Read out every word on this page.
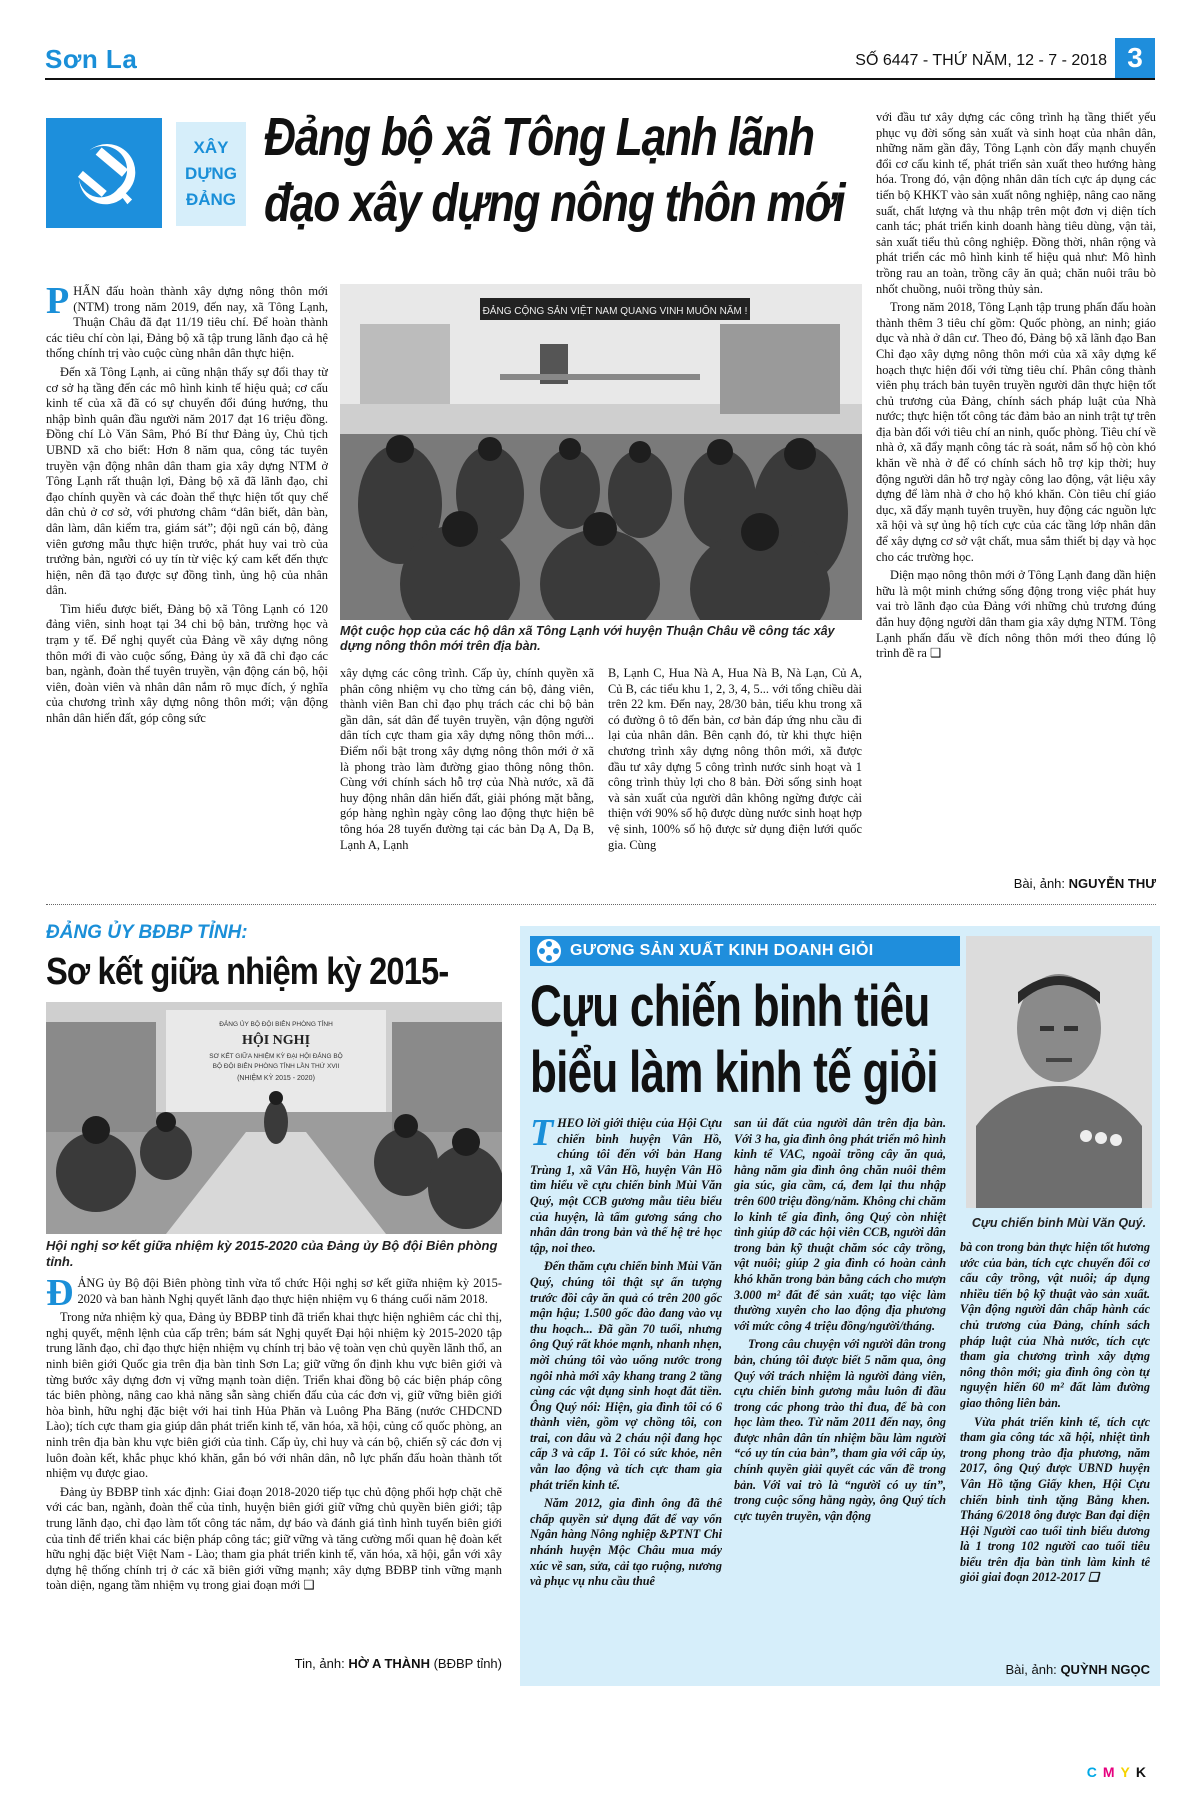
Sơn La	SỐ 6447 - THỨ NĂM, 12 - 7 - 2018 3
XÂY
DỰNG
ĐẢNG
Đảng bộ xã Tông Lạnh lãnh đạo xây dựng nông thôn mới

PHẤN đấu hoàn thành xây dựng nông thôn mới (NTM) trong năm 2019, đến nay, xã Tông Lạnh, Thuận Châu đã đạt 11/19 tiêu chí. Để hoàn thành các tiêu chí còn lại, Đảng bộ xã tập trung lãnh đạo cả hệ thống chính trị vào cuộc cùng nhân dân thực hiện.

Đến xã Tông Lạnh, ai cũng nhận thấy sự đổi thay từ cơ sở hạ tầng đến các mô hình kinh tế hiệu quả; cơ cấu kinh tế của xã đã có sự chuyển đổi đúng hướng, thu nhập bình quân đầu người năm 2017 đạt 16 triệu đồng. Đồng chí Lò Văn Sâm, Phó Bí thư Đảng ủy, Chủ tịch UBND xã cho biết: Hơn 8 năm qua, công tác tuyên truyền vận động nhân dân tham gia xây dựng NTM ở Tông Lạnh rất thuận lợi, Đảng bộ xã đã lãnh đạo, chỉ đạo chính quyền và các đoàn thể thực hiện tốt quy chế dân chủ ở cơ sở, với phương châm “dân biết, dân bàn, dân làm, dân kiểm tra, giám sát”; đội ngũ cán bộ, đảng viên gương mẫu thực hiện trước, phát huy vai trò của trưởng bản, người có uy tín từ việc ký cam kết đến thực hiện, nên đã tạo được sự đồng tình, ủng hộ của nhân dân.

Tìm hiểu được biết, Đảng bộ xã Tông Lạnh có 120 đảng viên, sinh hoạt tại 34 chi bộ bản, trường học và trạm y tế. Để nghị quyết của Đảng về xây dựng nông thôn mới đi vào cuộc sống, Đảng ủy xã đã chỉ đạo các ban, ngành, đoàn thể tuyên truyền, vận động cán bộ, hội viên, đoàn viên và nhân dân nắm rõ mục đích, ý nghĩa của chương trình xây dựng nông thôn mới; vận động nhân dân hiến đất, góp công sức

ĐẢNG CỘNG SẢN VIỆT NAM QUANG VINH MUÔN NĂM !
Một cuộc họp của các hộ dân xã Tông Lạnh với huyện Thuận Châu về công tác xây dựng nông thôn mới trên địa bàn.

xây dựng các công trình. Cấp ủy, chính quyền xã phân công nhiệm vụ cho từng cán bộ, đảng viên, thành viên Ban chỉ đạo phụ trách các chi bộ bản gần dân, sát dân để tuyên truyền, vận động người dân tích cực tham gia xây dựng nông thôn mới... Điểm nổi bật trong xây dựng nông thôn mới ở xã là phong trào làm đường giao thông nông thôn. Cùng với chính sách hỗ trợ của Nhà nước, xã đã huy động nhân dân hiến đất, giải phóng mặt bằng, góp hàng nghìn ngày công lao động thực hiện bê tông hóa 28 tuyến đường tại các bản Dạ A, Dạ B, Lạnh A, Lạnh

B, Lạnh C, Hua Nà A, Hua Nà B, Nà Lạn, Củ A, Củ B, các tiểu khu 1, 2, 3, 4, 5... với tổng chiều dài trên 22 km. Đến nay, 28/30 bản, tiểu khu trong xã có đường ô tô đến bản, cơ bản đáp ứng nhu cầu đi lại của nhân dân. Bên cạnh đó, từ khi thực hiện chương trình xây dựng nông thôn mới, xã được đầu tư xây dựng 5 công trình nước sinh hoạt và 1 công trình thủy lợi cho 8 bản. Đời sống sinh hoạt và sản xuất của người dân không ngừng được cải thiện với 90% số hộ được dùng nước sinh hoạt hợp vệ sinh, 100% số hộ được sử dụng điện lưới quốc gia. Cùng

với đầu tư xây dựng các công trình hạ tầng thiết yếu phục vụ đời sống sản xuất và sinh hoạt của nhân dân, những năm gần đây, Tông Lạnh còn đẩy mạnh chuyển đổi cơ cấu kinh tế, phát triển sản xuất theo hướng hàng hóa. Trong đó, vận động nhân dân tích cực áp dụng các tiến bộ KHKT vào sản xuất nông nghiệp, nâng cao năng suất, chất lượng và thu nhập trên một đơn vị diện tích canh tác; phát triển kinh doanh hàng tiêu dùng, vận tải, sản xuất tiểu thủ công nghiệp. Đồng thời, nhân rộng và phát triển các mô hình kinh tế hiệu quả như: Mô hình trồng rau an toàn, trồng cây ăn quả; chăn nuôi trâu bò nhốt chuồng, nuôi trồng thủy sản.

Trong năm 2018, Tông Lạnh tập trung phấn đấu hoàn thành thêm 3 tiêu chí gồm: Quốc phòng, an ninh; giáo dục và nhà ở dân cư. Theo đó, Đảng bộ xã lãnh đạo Ban Chỉ đạo xây dựng nông thôn mới của xã xây dựng kế hoạch thực hiện đối với từng tiêu chí. Phân công thành viên phụ trách bản tuyên truyền người dân thực hiện tốt chủ trương của Đảng, chính sách pháp luật của Nhà nước; thực hiện tốt công tác đảm bảo an ninh trật tự trên địa bàn đối với tiêu chí an ninh, quốc phòng. Tiêu chí về nhà ở, xã đẩy mạnh công tác rà soát, nắm số hộ còn khó khăn về nhà ở để có chính sách hỗ trợ kịp thời; huy động người dân hỗ trợ ngày công lao động, vật liệu xây dựng để làm nhà ở cho hộ khó khăn. Còn tiêu chí giáo dục, xã đẩy mạnh tuyên truyền, huy động các nguồn lực xã hội và sự ủng hộ tích cực của các tầng lớp nhân dân để xây dựng cơ sở vật chất, mua sắm thiết bị dạy và học cho các trường học.

Diện mạo nông thôn mới ở Tông Lạnh đang dần hiện hữu là một minh chứng sống động trong việc phát huy vai trò lãnh đạo của Đảng với những chủ trương đúng đắn huy động người dân tham gia xây dựng NTM. Tông Lạnh phấn đấu về đích nông thôn mới theo đúng lộ trình đề ra ❑

Bài, ảnh: NGUYỄN THƯ
ĐẢNG ỦY BĐBP TỈNH:
Sơ kết giữa nhiệm kỳ 2015-
ĐẢNG ỦY BỘ ĐỘI BIÊN PHÒNG TỈNH
HỘI NGHỊ
SƠ KẾT GIỮA NHIỆM KỲ ĐẠI HỘI ĐẢNG BỘ
BỘ ĐỘI BIÊN PHÒNG TỈNH LẦN THỨ XVII
(NHIỆM KỲ 2015 - 2020)
Hội nghị sơ kết giữa nhiệm kỳ 2015-2020 của Đảng ủy Bộ đội Biên phòng tỉnh.

ĐẢNG ủy Bộ đội Biên phòng tỉnh vừa tổ chức Hội nghị sơ kết giữa nhiệm kỳ 2015-2020 và ban hành Nghị quyết lãnh đạo thực hiện nhiệm vụ 6 tháng cuối năm 2018.

Trong nửa nhiệm kỳ qua, Đảng ủy BĐBP tỉnh đã triển khai thực hiện nghiêm các chỉ thị, nghị quyết, mệnh lệnh của cấp trên; bám sát Nghị quyết Đại hội nhiệm kỳ 2015-2020 tập trung lãnh đạo, chỉ đạo thực hiện nhiệm vụ chính trị bảo vệ toàn vẹn chủ quyền lãnh thổ, an ninh biên giới Quốc gia trên địa bàn tỉnh Sơn La; giữ vững ổn định khu vực biên giới và từng bước xây dựng đơn vị vững mạnh toàn diện. Triển khai đồng bộ các biện pháp công tác biên phòng, nâng cao khả năng sẵn sàng chiến đấu của các đơn vị, giữ vững biên giới hòa bình, hữu nghị đặc biệt với hai tỉnh Hủa Phăn và Luông Pha Băng (nước CHDCND Lào); tích cực tham gia giúp dân phát triển kinh tế, văn hóa, xã hội, củng cố quốc phòng, an ninh trên địa bàn khu vực biên giới của tỉnh. Cấp ủy, chỉ huy và cán bộ, chiến sỹ các đơn vị luôn đoàn kết, khắc phục khó khăn, gắn bó với nhân dân, nỗ lực phấn đấu hoàn thành tốt nhiệm vụ được giao.

Đảng ủy BĐBP tỉnh xác định: Giai đoạn 2018-2020 tiếp tục chủ động phối hợp chặt chẽ với các ban, ngành, đoàn thể của tỉnh, huyện biên giới giữ vững chủ quyền biên giới; tập trung lãnh đạo, chỉ đạo làm tốt công tác nắm, dự báo và đánh giá tình hình tuyến biên giới của tỉnh để triển khai các biện pháp công tác; giữ vững và tăng cường mối quan hệ đoàn kết hữu nghị đặc biệt Việt Nam - Lào; tham gia phát triển kinh tế, văn hóa, xã hội, gắn với xây dựng hệ thống chính trị ở các xã biên giới vững mạnh; xây dựng BĐBP tỉnh vững mạnh toàn diện, ngang tầm nhiệm vụ trong giai đoạn mới ❑

Tin, ảnh: HỜ A THÀNH (BĐBP tỉnh)
GƯƠNG SẢN XUẤT KINH DOANH GIỎI
Cựu chiến binh tiêu biểu làm kinh tế giỏi
Cựu chiến binh Mùi Văn Quý.

THEO lời giới thiệu của Hội Cựu chiến binh huyện Vân Hồ, chúng tôi đến với bản Hang Trùng 1, xã Vân Hồ, huyện Vân Hồ tìm hiểu về cựu chiến binh Mùi Văn Quý, một CCB gương mẫu tiêu biểu của huyện, là tấm gương sáng cho nhân dân trong bản và thế hệ trẻ học tập, noi theo.

Đến thăm cựu chiến binh Mùi Văn Quý, chúng tôi thật sự ấn tượng trước đồi cây ăn quả có trên 200 gốc mận hậu; 1.500 gốc đào đang vào vụ thu hoạch... Đã gần 70 tuổi, nhưng ông Quý rất khỏe mạnh, nhanh nhẹn, mời chúng tôi vào uống nước trong ngôi nhà mới xây khang trang 2 tầng cùng các vật dụng sinh hoạt đắt tiền. Ông Quý nói: Hiện, gia đình tôi có 6 thành viên, gồm vợ chồng tôi, con trai, con dâu và 2 cháu nội đang học cấp 3 và cấp 1. Tôi có sức khỏe, nên vẫn lao động và tích cực tham gia phát triển kinh tế.

Năm 2012, gia đình ông đã thế chấp quyền sử dụng đất để vay vốn Ngân hàng Nông nghiệp &PTNT Chi nhánh huyện Mộc Châu mua máy xúc về san, sửa, cải tạo ruộng, nương và phục vụ nhu cầu thuê

san ủi đất của người dân trên địa bàn. Với 3 ha, gia đình ông phát triển mô hình kinh tế VAC, ngoài trồng cây ăn quả, hằng năm gia đình ông chăn nuôi thêm gia súc, gia cầm, cá, đem lại thu nhập trên 600 triệu đồng/năm. Không chỉ chăm lo kinh tế gia đình, ông Quý còn nhiệt tình giúp đỡ các hội viên CCB, người dân trong bản kỹ thuật chăm sóc cây trồng, vật nuôi; giúp 2 gia đình có hoàn cảnh khó khăn trong bản bằng cách cho mượn 3.000 m² đất để sản xuất; tạo việc làm thường xuyên cho lao động địa phương với mức công 4 triệu đồng/người/tháng.

Trong câu chuyện với người dân trong bản, chúng tôi được biết 5 năm qua, ông Quý với trách nhiệm là người đảng viên, cựu chiến binh gương mẫu luôn đi đầu trong các phong trào thi đua, để bà con học làm theo. Từ năm 2011 đến nay, ông được nhân dân tín nhiệm bầu làm người “có uy tín của bản”, tham gia với cấp ủy, chính quyền giải quyết các vấn đề trong bản. Với vai trò là “người có uy tín”, trong cuộc sống hằng ngày, ông Quý tích cực tuyên truyền, vận động

bà con trong bản thực hiện tốt hương ước của bản, tích cực chuyển đổi cơ cấu cây trồng, vật nuôi; áp dụng nhiều tiến bộ kỹ thuật vào sản xuất. Vận động người dân chấp hành các chủ trương của Đảng, chính sách pháp luật của Nhà nước, tích cực tham gia chương trình xây dựng nông thôn mới; gia đình ông còn tự nguyện hiến 60 m² đất làm đường giao thông liên bản.

Vừa phát triển kinh tế, tích cực tham gia công tác xã hội, nhiệt tình trong phong trào địa phương, năm 2017, ông Quý được UBND huyện Vân Hồ tặng Giấy khen, Hội Cựu chiến binh tỉnh tặng Bằng khen. Tháng 6/2018 ông được Ban đại diện Hội Người cao tuổi tỉnh biểu dương là 1 trong 102 người cao tuổi tiêu biểu trên địa bàn tỉnh làm kinh tế giỏi giai đoạn 2012-2017 ❑

Bài, ảnh: QUỲNH NGỌC
CMYK
